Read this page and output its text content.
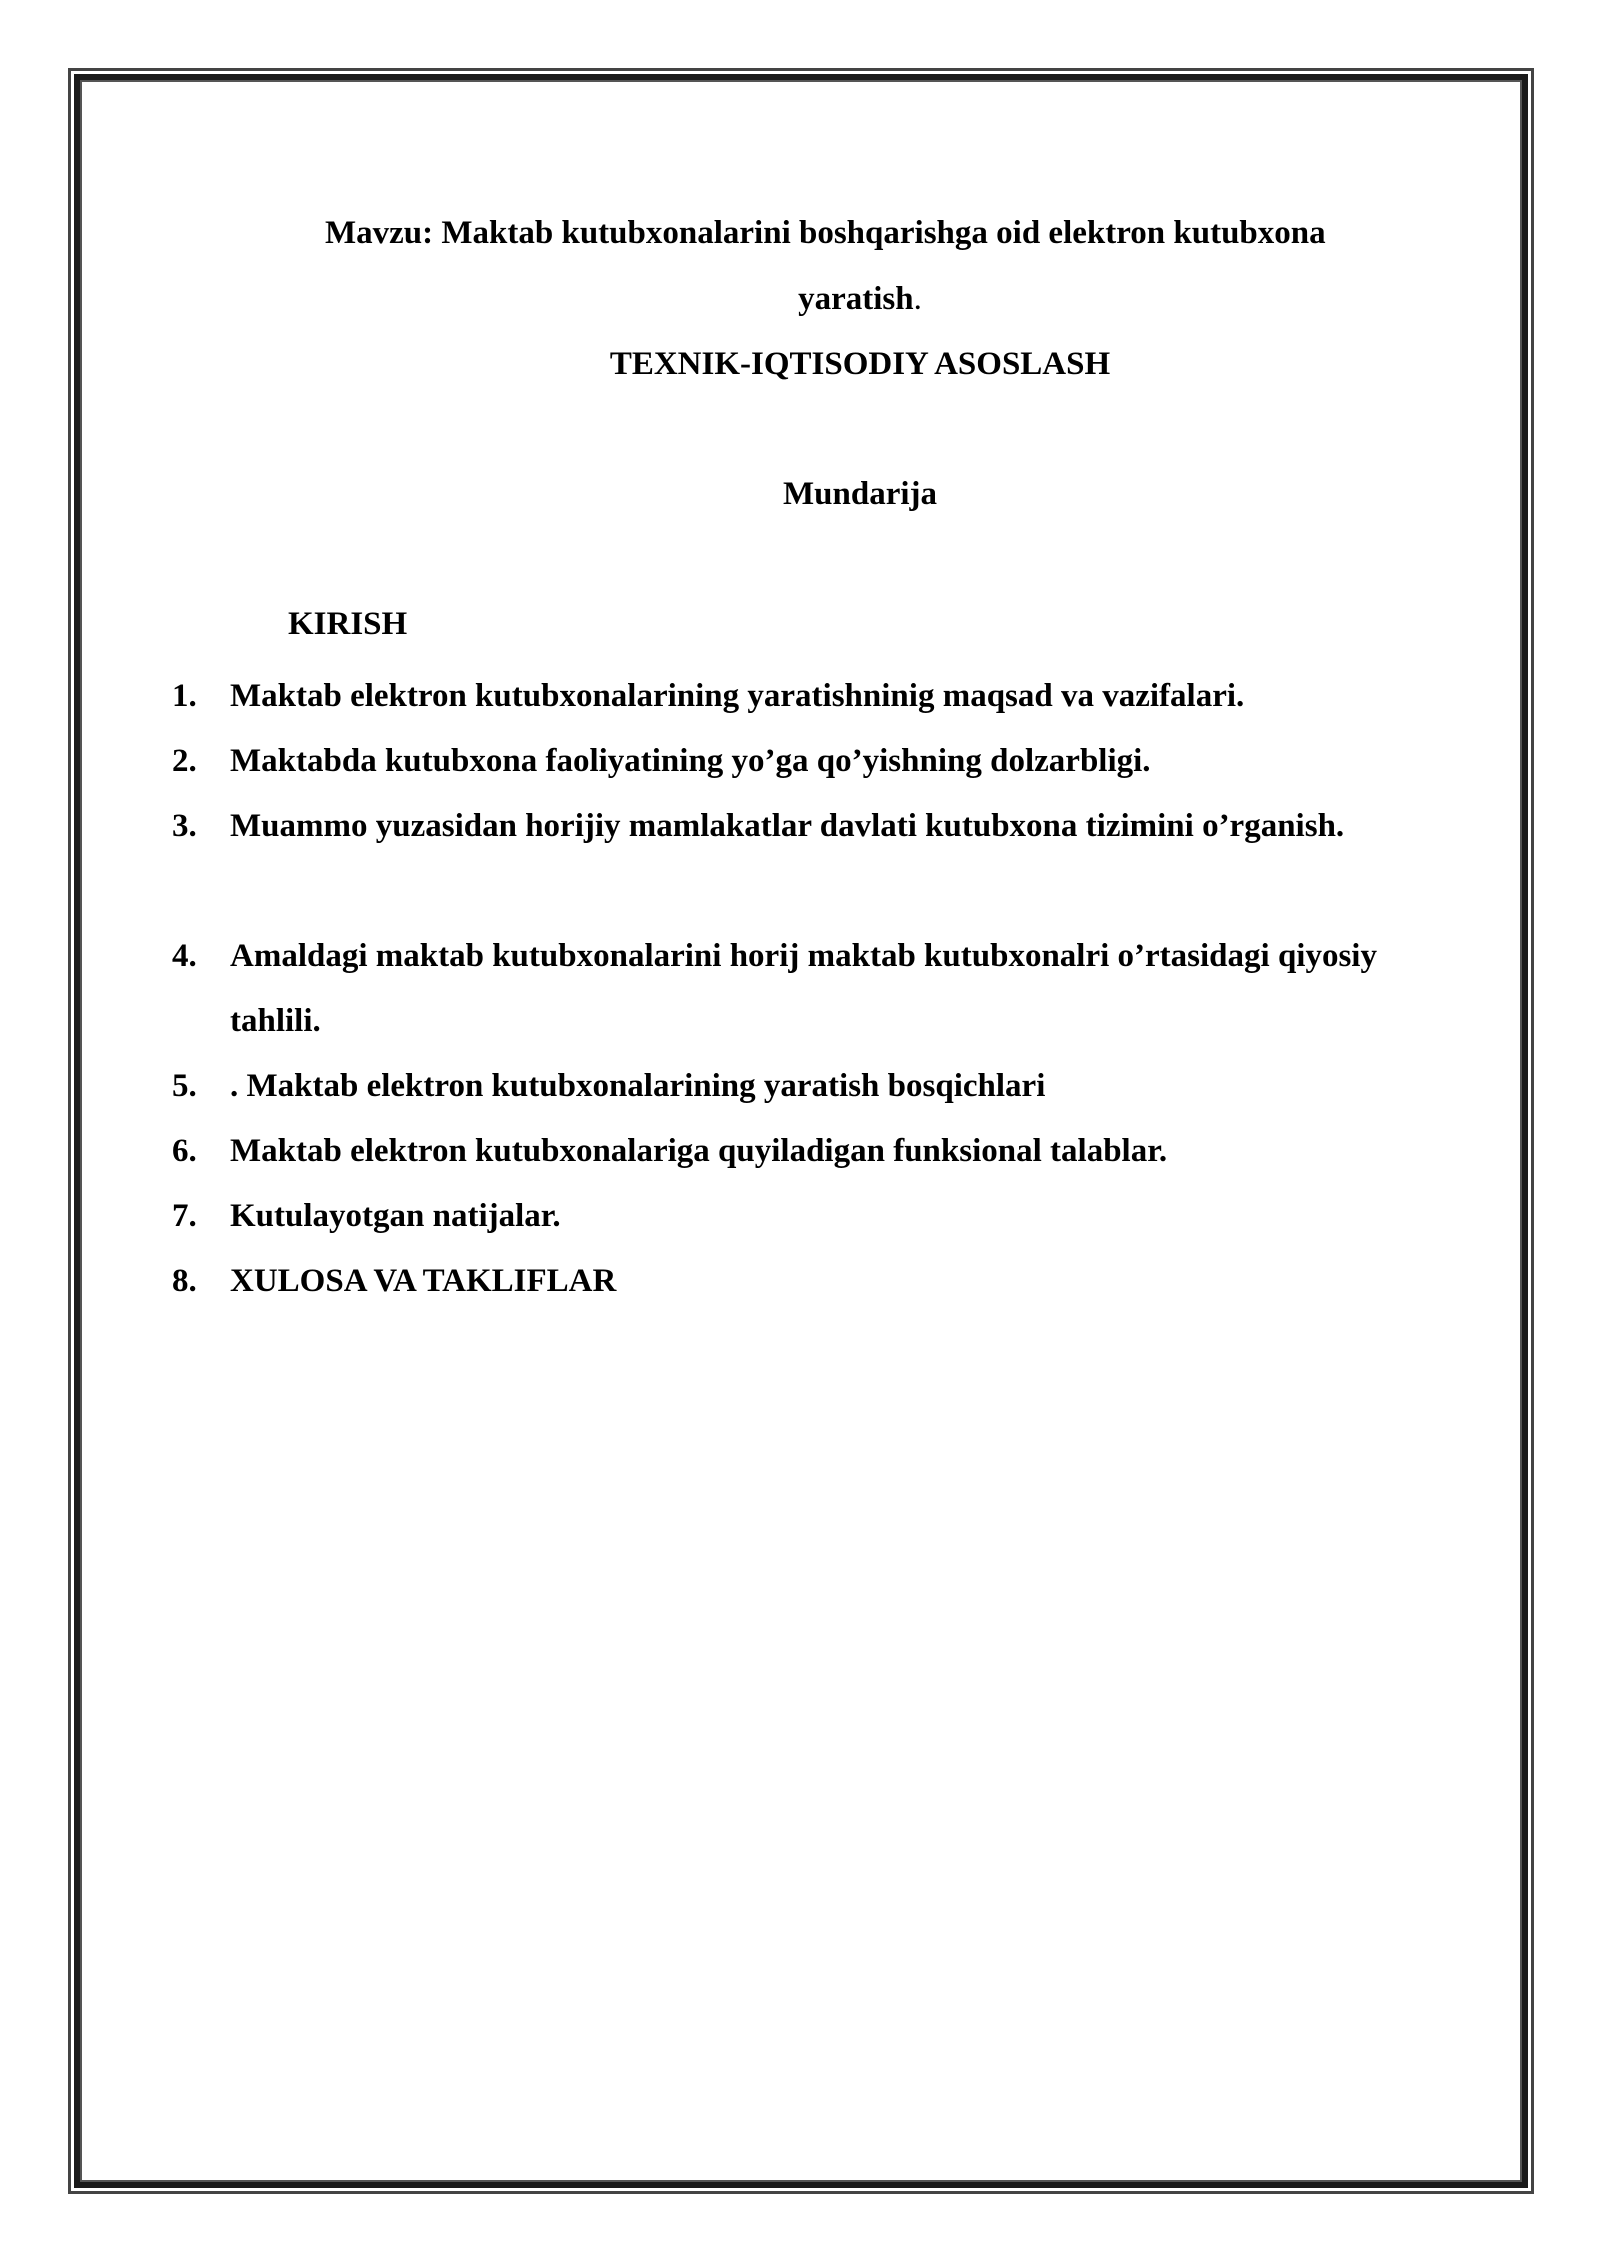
Mavzu: Maktab kutubxonalarini boshqarishga oid elektron kutubxona
yaratish.
TEXNIK-IQTISODIY ASOSLASH
Mundarija
KIRISH
1.	Maktab elektron kutubxonalarining yaratishninig maqsad va vazifalari.
2.	Maktabda kutubxona faoliyatining yo’ga qo’yishning dolzarbligi.
3.	Muammo yuzasidan horijiy mamlakatlar davlati kutubxona tizimini o’rganish.
4.	Amaldagi maktab kutubxonalarini horij maktab kutubxonalri o’rtasidagi qiyosiy tahlili.
5.	. Maktab elektron kutubxonalarining yaratish bosqichlari
6.	Maktab elektron kutubxonalariga quyiladigan funksional talablar.
7.	Kutulayotgan natijalar.
8.	XULOSA VA TAKLIFLAR
